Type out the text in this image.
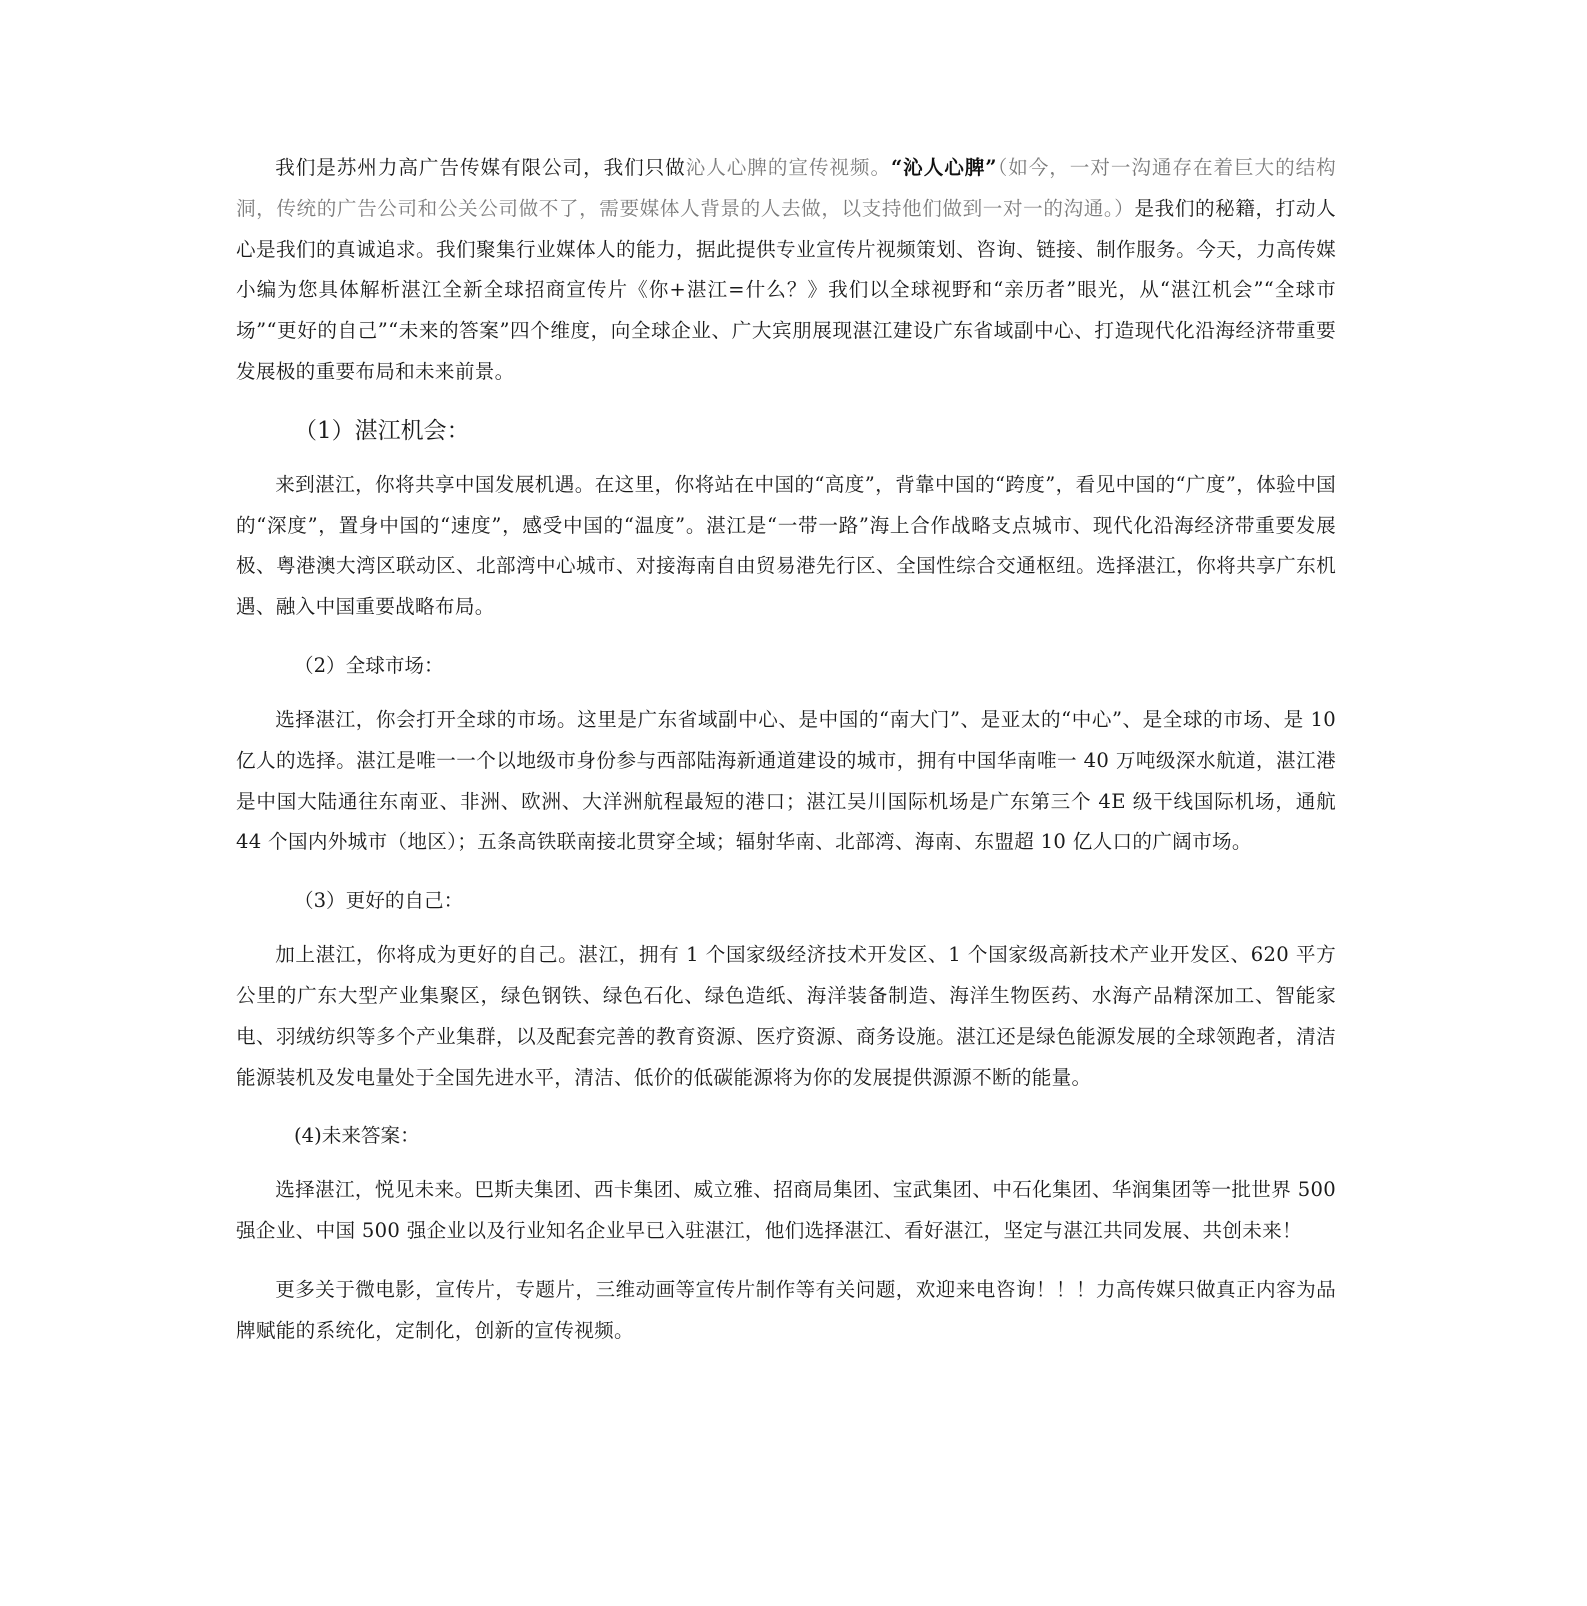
我们是苏州力高广告传媒有限公司，我们只做沁人心脾的宣传视频。“沁人心脾”（如今，一对一沟通存在着巨大的结构洞，传统的广告公司和公关公司做不了，需要媒体人背景的人去做，以支持他们做到一对一的沟通。）是我们的秘籍，打动人心是我们的真诚追求。我们聚集行业媒体人的能力，据此提供专业宣传片视频策划、咨询、链接、制作服务。今天，力高传媒小编为您具体解析湛江全新全球招商宣传片《你+湛江=什么？》我们以全球视野和“亲历者”眼光，从“湛江机会”“全球市场”“更好的自己”“未来的答案”四个维度，向全球企业、广大宾朋展现湛江建设广东省域副中心、打造现代化沿海经济带重要发展极的重要布局和未来前景。

（1）湛江机会：

来到湛江，你将共享中国发展机遇。在这里，你将站在中国的“高度”，背靠中国的“跨度”，看见中国的“广度”，体验中国的“深度”，置身中国的“速度”，感受中国的“温度”。湛江是“一带一路”海上合作战略支点城市、现代化沿海经济带重要发展极、粤港澳大湾区联动区、北部湾中心城市、对接海南自由贸易港先行区、全国性综合交通枢纽。选择湛江，你将共享广东机遇、融入中国重要战略布局。

（2）全球市场：

选择湛江，你会打开全球的市场。这里是广东省域副中心、是中国的“南大门”、是亚太的“中心”、是全球的市场、是 10 亿人的选择。湛江是唯一一个以地级市身份参与西部陆海新通道建设的城市，拥有中国华南唯一 40 万吨级深水航道，湛江港是中国大陆通往东南亚、非洲、欧洲、大洋洲航程最短的港口；湛江吴川国际机场是广东第三个 4E 级干线国际机场，通航 44 个国内外城市（地区）；五条高铁联南接北贯穿全域；辐射华南、北部湾、海南、东盟超 10 亿人口的广阔市场。

（3）更好的自己：

加上湛江，你将成为更好的自己。湛江，拥有 1 个国家级经济技术开发区、1 个国家级高新技术产业开发区、620 平方公里的广东大型产业集聚区，绿色钢铁、绿色石化、绿色造纸、海洋装备制造、海洋生物医药、水海产品精深加工、智能家电、羽绒纺织等多个产业集群，以及配套完善的教育资源、医疗资源、商务设施。湛江还是绿色能源发展的全球领跑者，清洁能源装机及发电量处于全国先进水平，清洁、低价的低碳能源将为你的发展提供源源不断的能量。

(4)未来答案：

选择湛江，悦见未来。巴斯夫集团、西卡集团、威立雅、招商局集团、宝武集团、中石化集团、华润集团等一批世界 500 强企业、中国 500 强企业以及行业知名企业早已入驻湛江，他们选择湛江、看好湛江，坚定与湛江共同发展、共创未来！

更多关于微电影，宣传片，专题片，三维动画等宣传片制作等有关问题，欢迎来电咨询！！！力高传媒只做真正内容为品牌赋能的系统化，定制化，创新的宣传视频。
